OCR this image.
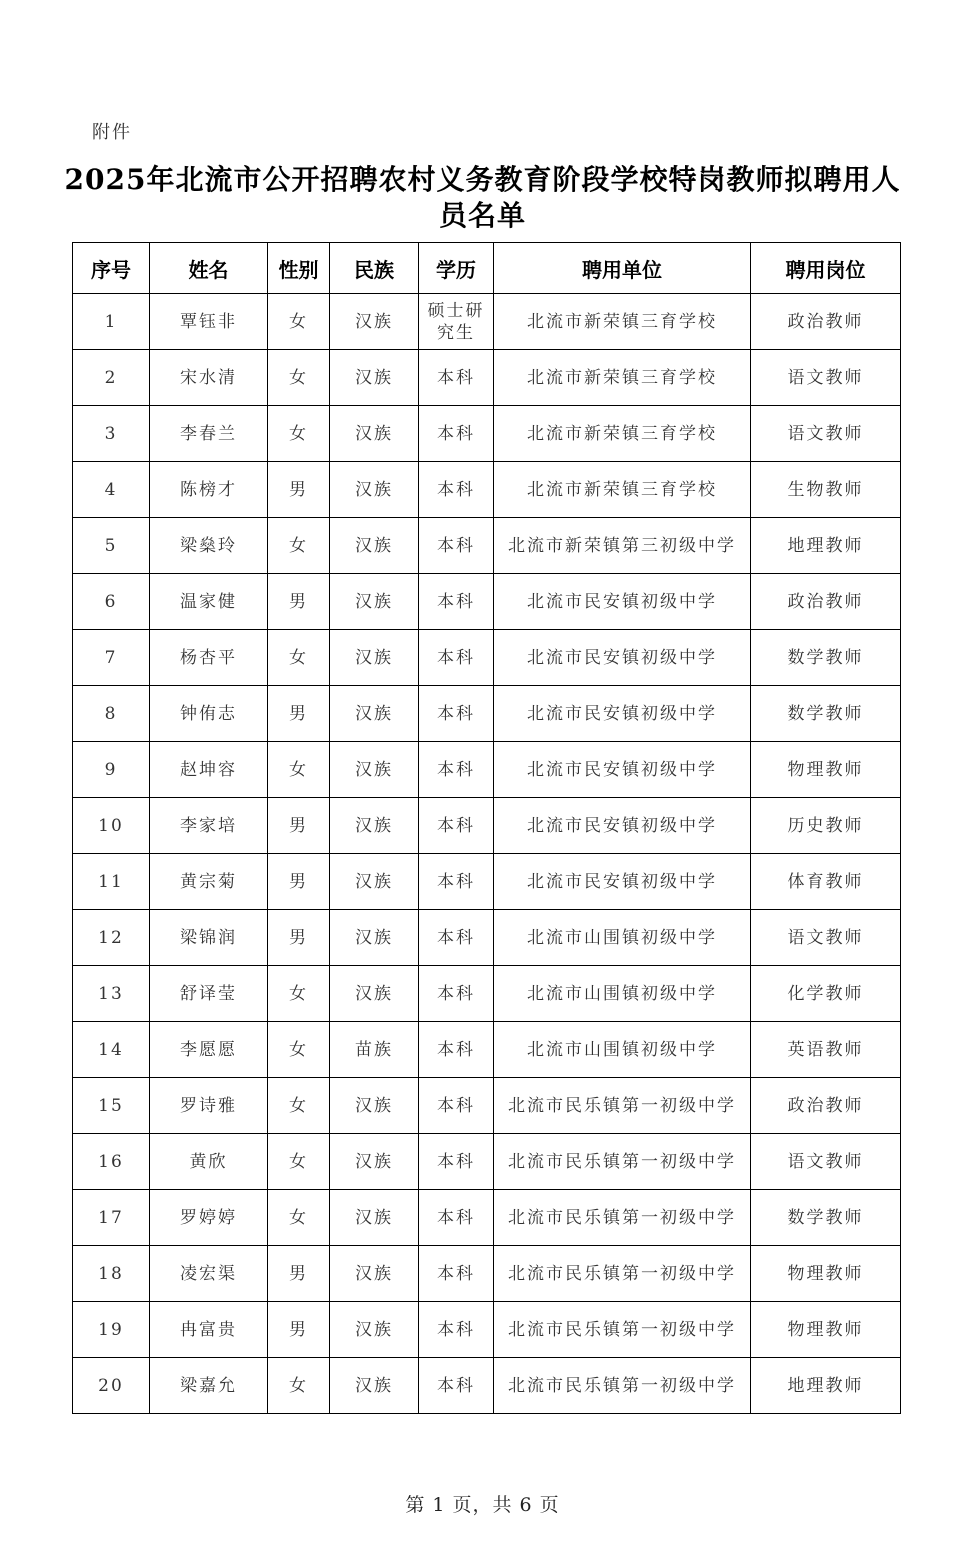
附件
2025年北流市公开招聘农村义务教育阶段学校特岗教师拟聘用人员名单
序号	姓名	性别	民族	学历	聘用单位	聘用岗位
1	覃钰非	女	汉族	硕士研究生	北流市新荣镇三育学校	政治教师
2	宋水清	女	汉族	本科	北流市新荣镇三育学校	语文教师
3	李春兰	女	汉族	本科	北流市新荣镇三育学校	语文教师
4	陈榜才	男	汉族	本科	北流市新荣镇三育学校	生物教师
5	梁燊玲	女	汉族	本科	北流市新荣镇第三初级中学	地理教师
6	温家健	男	汉族	本科	北流市民安镇初级中学	政治教师
7	杨杏平	女	汉族	本科	北流市民安镇初级中学	数学教师
8	钟侑志	男	汉族	本科	北流市民安镇初级中学	数学教师
9	赵坤容	女	汉族	本科	北流市民安镇初级中学	物理教师
10	李家培	男	汉族	本科	北流市民安镇初级中学	历史教师
11	黄宗菊	男	汉族	本科	北流市民安镇初级中学	体育教师
12	梁锦润	男	汉族	本科	北流市山围镇初级中学	语文教师
13	舒译莹	女	汉族	本科	北流市山围镇初级中学	化学教师
14	李愿愿	女	苗族	本科	北流市山围镇初级中学	英语教师
15	罗诗雅	女	汉族	本科	北流市民乐镇第一初级中学	政治教师
16	黄欣	女	汉族	本科	北流市民乐镇第一初级中学	语文教师
17	罗婷婷	女	汉族	本科	北流市民乐镇第一初级中学	数学教师
18	凌宏渠	男	汉族	本科	北流市民乐镇第一初级中学	物理教师
19	冉富贵	男	汉族	本科	北流市民乐镇第一初级中学	物理教师
20	梁嘉允	女	汉族	本科	北流市民乐镇第一初级中学	地理教师
第 1 页，共 6 页
